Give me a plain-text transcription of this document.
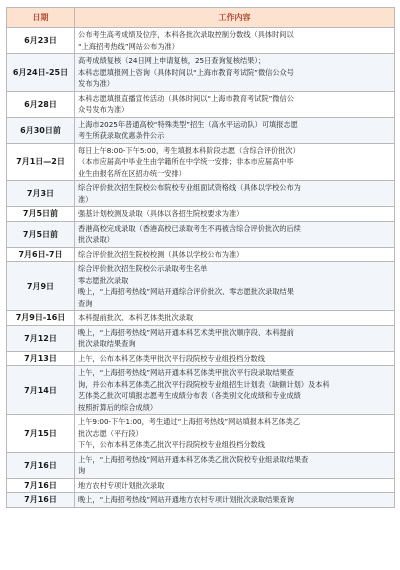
日期	工作内容
6月23日	公布考生高考成绩及位序，本科各批次录取控制分数线（具体时间以
“上海招考热线”网站公布为准）

6月24日-25日	高考成绩复核（24日网上申请复核，25日查询复核结果）；
本科志愿填报网上咨询（具体时间以“上海市教育考试院”微信公众号
发布为准）

6月28日	本科志愿填报直播宣传活动（具体时间以“上海市教育考试院”微信公
众号发布为准）

6月30日前	上海市2025年普通高校“特殊类型”招生（高水平运动队）可填报志愿
考生所获录取优惠条件公示

7月1日—2日	每日上午8:00-下午5:00，考生填报本科阶段志愿（含综合评价批次）
（本市应届高中毕业生由学籍所在中学统一安排；非本市应届高中毕
业生由报名所在区招办统一安排）

7月3日	综合评价批次招生院校公布院校专业组面试资格线（具体以学校公布为
准）

7月5日前	强基计划校测及录取（具体以各招生院校要求为准）

7月5日前	香港高校完成录取（香港高校已录取考生不再被含综合评价批次的后续
批次录取）

7月6日-7日	综合评价批次招生院校校测（具体以学校公布为准）

7月9日	综合评价批次招生院校公示录取考生名单
零志愿批次录取
晚上，“上海招考热线”网站开通综合评价批次、零志愿批次录取结果
查询

7月9日-16日	本科提前批次、本科艺体类批次录取

7月12日	晚上，“上海招考热线”网站开通本科艺术类甲批次顺序段、本科提前
批次录取结果查询

7月13日	上午，公布本科艺体类甲批次平行段院校专业组投档分数线

7月14日	上午，“上海招考热线”网站开通本科艺体类甲批次平行段录取结果查
询，并公布本科艺体类乙批次平行段院校专业组招生计划表（缺额计划）及本科
艺体类乙批次可填报志愿考生成绩分布表（各类别文化成绩和专业成绩
按照折算后的综合成绩）

7月15日	上午9:00-下午1:00，考生通过“上海招考热线”网站填报本科艺体类乙
批次志愿（平行段）
下午，公布本科艺体类乙批次平行段院校专业组投档分数线

7月16日	上午，“上海招考热线”网站开通本科艺体类乙批次院校专业组录取结果查
询

7月16日	地方农村专项计划批次录取

7月16日	晚上，“上海招考热线”网站开通地方农村专项计划批次录取结果查询
